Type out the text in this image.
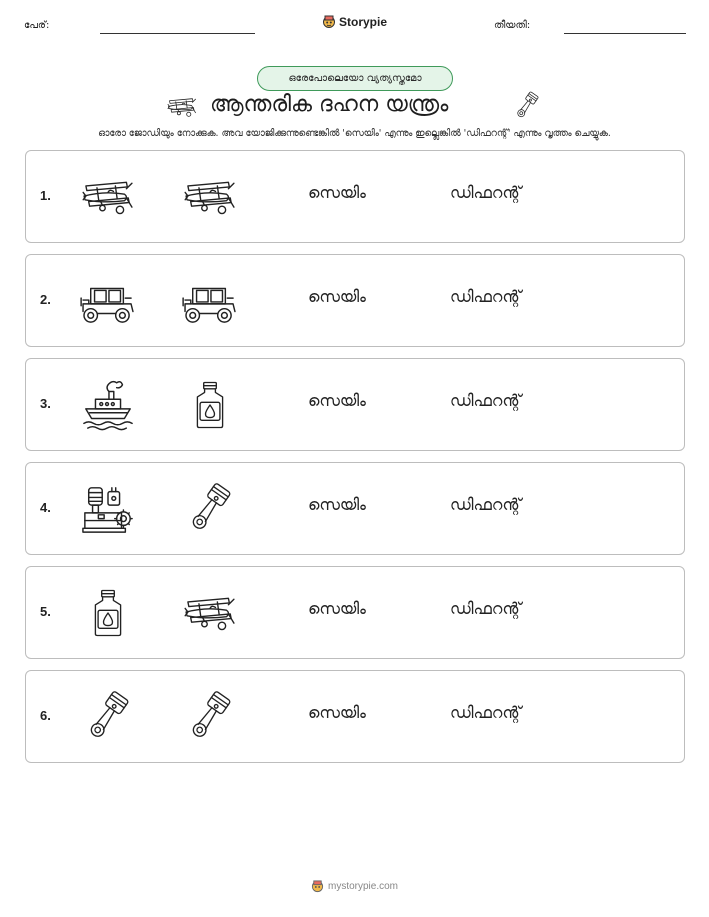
പേര്:	Storypie	തീയതി:
ഒരേപോലെയോ വ്യത്യസ്തമോ
ആന്തരിക ദഹന യന്ത്രം
ഓരോ ജോഡിയും നോക്കുക. അവ യോജിക്കുന്നുണ്ടെങ്കിൽ 'സെയിം' എന്നും ഇല്ലെങ്കിൽ 'ഡിഫറന്റ്' എന്നും വൃത്തം ചെയ്യുക.
1.	സെയിം	ഡിഫറന്റ്
2.	സെയിം	ഡിഫറന്റ്
3.	സെയിം	ഡിഫറന്റ്
4.	സെയിം	ഡിഫറന്റ്
5.	സെയിം	ഡിഫറന്റ്
6.	സെയിം	ഡിഫറന്റ്
mystorypie.com
